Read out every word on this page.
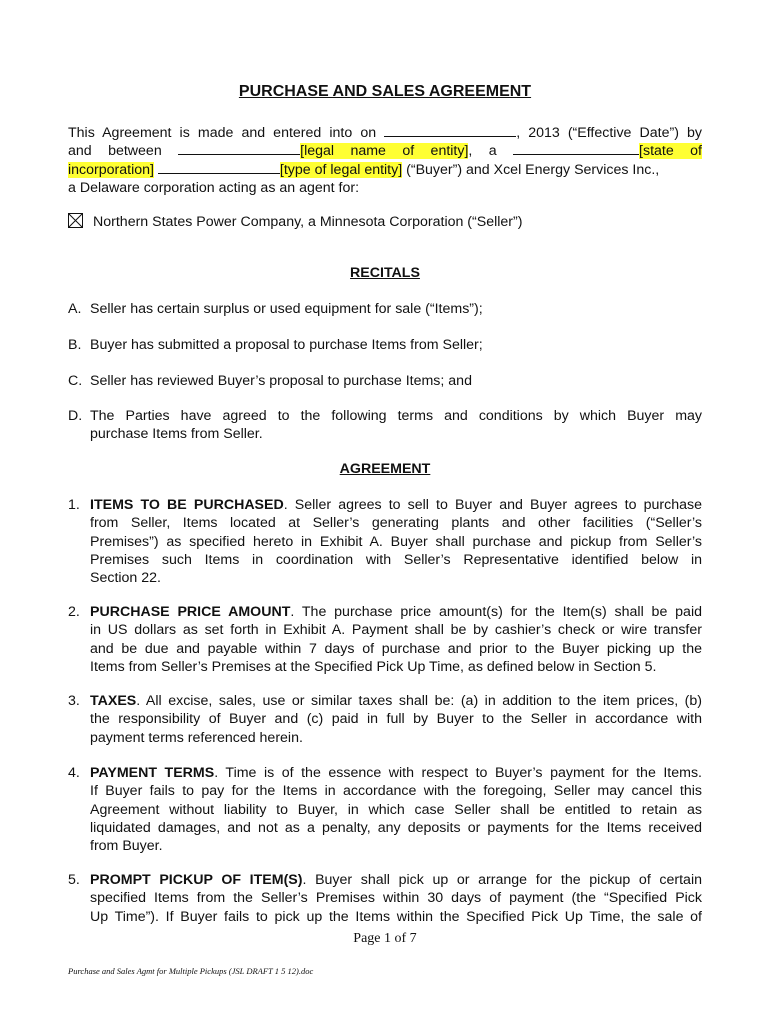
PURCHASE AND SALES AGREEMENT
This Agreement is made and entered into on	, 2013 (“Effective Date”) by
and between	[legal name of entity], a	[state of
incorporation]	[type of legal entity] (“Buyer”) and Xcel Energy Services Inc.,
a Delaware corporation acting as an agent for:
Northern States Power Company, a Minnesota Corporation (“Seller”)
RECITALS
A. Seller has certain surplus or used equipment for sale (“Items”);
B. Buyer has submitted a proposal to purchase Items from Seller;
C. Seller has reviewed Buyer’s proposal to purchase Items; and
D. The Parties have agreed to the following terms and conditions by which Buyer may
purchase Items from Seller.
AGREEMENT
1. ITEMS TO BE PURCHASED. Seller agrees to sell to Buyer and Buyer agrees to purchase
from Seller, Items located at Seller’s generating plants and other facilities (“Seller’s
Premises”) as specified hereto in Exhibit A. Buyer shall purchase and pickup from Seller’s
Premises such Items in coordination with Seller’s Representative identified below in
Section 22.
2. PURCHASE PRICE AMOUNT. The purchase price amount(s) for the Item(s) shall be paid
in US dollars as set forth in Exhibit A. Payment shall be by cashier’s check or wire transfer
and be due and payable within 7 days of purchase and prior to the Buyer picking up the
Items from Seller’s Premises at the Specified Pick Up Time, as defined below in Section 5.
3. TAXES. All excise, sales, use or similar taxes shall be: (a) in addition to the item prices, (b)
the responsibility of Buyer and (c) paid in full by Buyer to the Seller in accordance with
payment terms referenced herein.
4. PAYMENT TERMS. Time is of the essence with respect to Buyer’s payment for the Items.
If Buyer fails to pay for the Items in accordance with the foregoing, Seller may cancel this
Agreement without liability to Buyer, in which case Seller shall be entitled to retain as
liquidated damages, and not as a penalty, any deposits or payments for the Items received
from Buyer.
5. PROMPT PICKUP OF ITEM(S). Buyer shall pick up or arrange for the pickup of certain
specified Items from the Seller’s Premises within 30 days of payment (the “Specified Pick
Up Time”). If Buyer fails to pick up the Items within the Specified Pick Up Time, the sale of
Page 1 of 7
Purchase and Sales Agmt for Multiple Pickups (JSL DRAFT 1 5 12).doc
